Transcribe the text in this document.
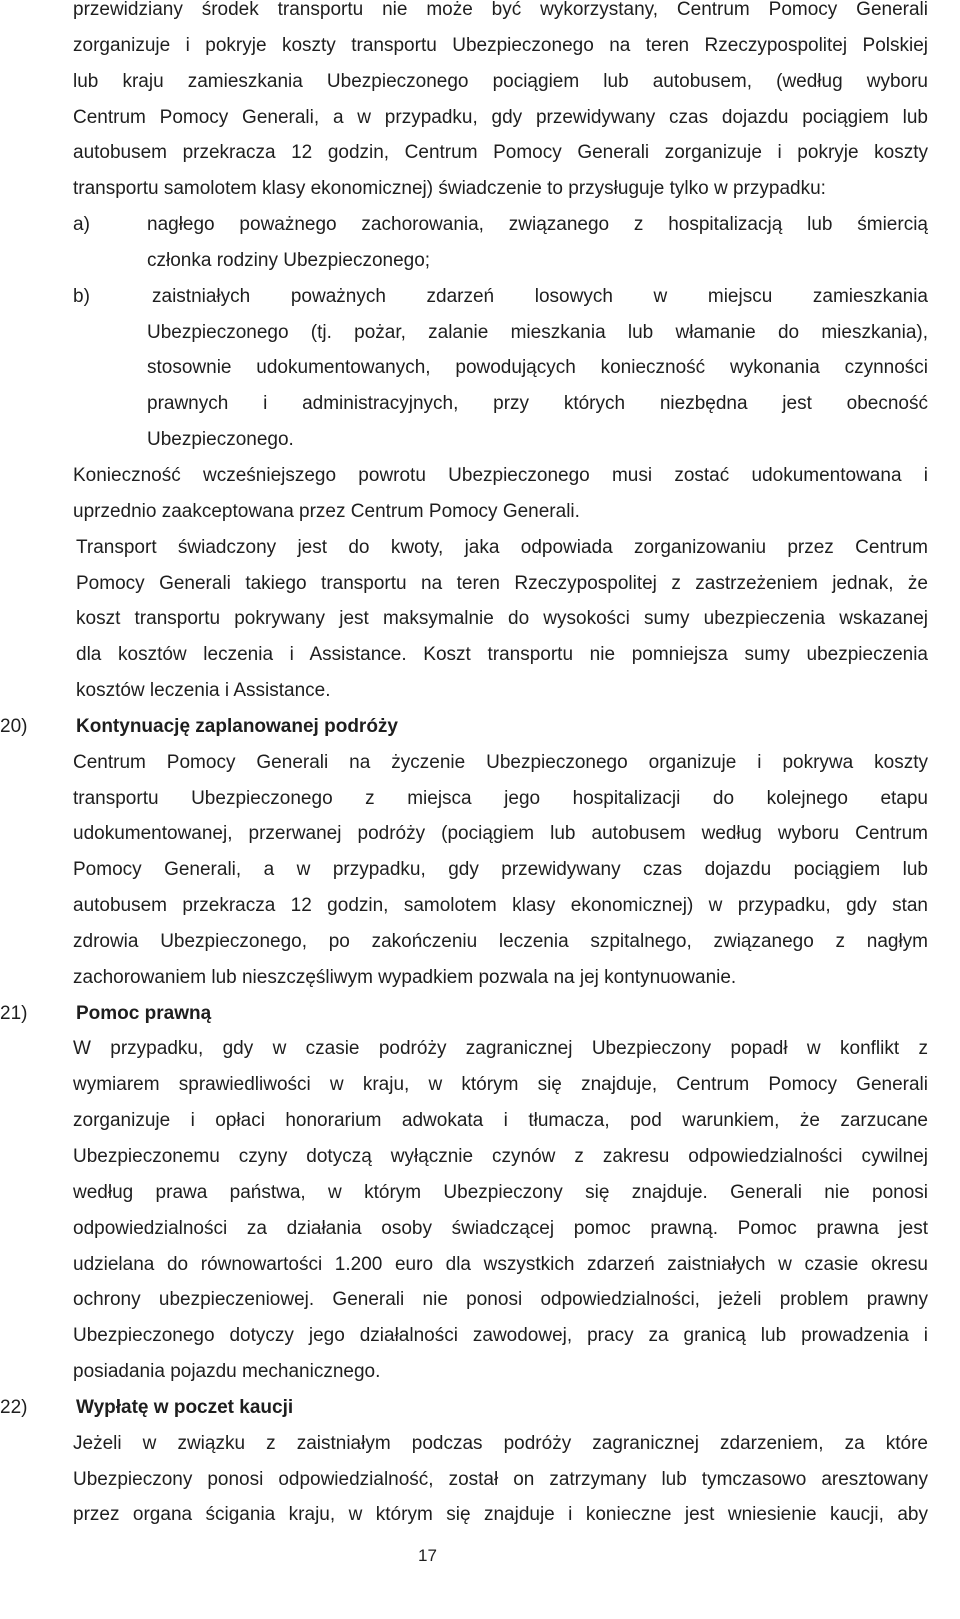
przewidziany środek transportu nie może być wykorzystany, Centrum Pomocy Generali
zorganizuje i pokryje koszty transportu Ubezpieczonego na teren Rzeczypospolitej Polskiej
lub kraju zamieszkania Ubezpieczonego pociągiem lub autobusem, (według wyboru
Centrum Pomocy Generali, a w przypadku, gdy przewidywany czas dojazdu pociągiem lub
autobusem przekracza 12 godzin, Centrum Pomocy Generali zorganizuje i pokryje koszty
transportu samolotem klasy ekonomicznej) świadczenie to przysługuje tylko w przypadku:
a)	nagłego poważnego zachorowania, związanego z hospitalizacją lub śmiercią
członka rodziny Ubezpieczonego;
b)	zaistniałych poważnych zdarzeń losowych w miejscu zamieszkania
Ubezpieczonego (tj. pożar, zalanie mieszkania lub włamanie do mieszkania),
stosownie udokumentowanych, powodujących konieczność wykonania czynności
prawnych i administracyjnych, przy których niezbędna jest obecność
Ubezpieczonego.
Konieczność wcześniejszego powrotu Ubezpieczonego musi zostać udokumentowana i
uprzednio zaakceptowana przez Centrum Pomocy Generali.
Transport świadczony jest do kwoty, jaka odpowiada zorganizowaniu przez Centrum
Pomocy Generali takiego transportu na teren Rzeczypospolitej z zastrzeżeniem jednak, że
koszt transportu pokrywany jest maksymalnie do wysokości sumy ubezpieczenia wskazanej
dla kosztów leczenia i Assistance. Koszt transportu nie pomniejsza sumy ubezpieczenia
kosztów leczenia i Assistance.
20)	Kontynuację zaplanowanej podróży
Centrum Pomocy Generali na życzenie Ubezpieczonego organizuje i pokrywa koszty
transportu Ubezpieczonego z miejsca jego hospitalizacji do kolejnego etapu
udokumentowanej, przerwanej podróży (pociągiem lub autobusem według wyboru Centrum
Pomocy Generali, a w przypadku, gdy przewidywany czas dojazdu pociągiem lub
autobusem przekracza 12 godzin, samolotem klasy ekonomicznej) w przypadku, gdy stan
zdrowia Ubezpieczonego, po zakończeniu leczenia szpitalnego, związanego z nagłym
zachorowaniem lub nieszczęśliwym wypadkiem pozwala na jej kontynuowanie.
21)	Pomoc prawną
W przypadku, gdy w czasie podróży zagranicznej Ubezpieczony popadł w konflikt z
wymiarem sprawiedliwości w kraju, w którym się znajduje, Centrum Pomocy Generali
zorganizuje i opłaci honorarium adwokata i tłumacza, pod warunkiem, że zarzucane
Ubezpieczonemu czyny dotyczą wyłącznie czynów z zakresu odpowiedzialności cywilnej
według prawa państwa, w którym Ubezpieczony się znajduje. Generali nie ponosi
odpowiedzialności za działania osoby świadczącej pomoc prawną. Pomoc prawna jest
udzielana do równowartości 1.200 euro dla wszystkich zdarzeń zaistniałych w czasie okresu
ochrony ubezpieczeniowej. Generali nie ponosi odpowiedzialności, jeżeli problem prawny
Ubezpieczonego dotyczy jego działalności zawodowej, pracy za granicą lub prowadzenia i
posiadania pojazdu mechanicznego.
22)	Wypłatę w poczet kaucji
Jeżeli w związku z zaistniałym podczas podróży zagranicznej zdarzeniem, za które
Ubezpieczony ponosi odpowiedzialność, został on zatrzymany lub tymczasowo aresztowany
przez organa ścigania kraju, w którym się znajduje i konieczne jest wniesienie kaucji, aby
17
